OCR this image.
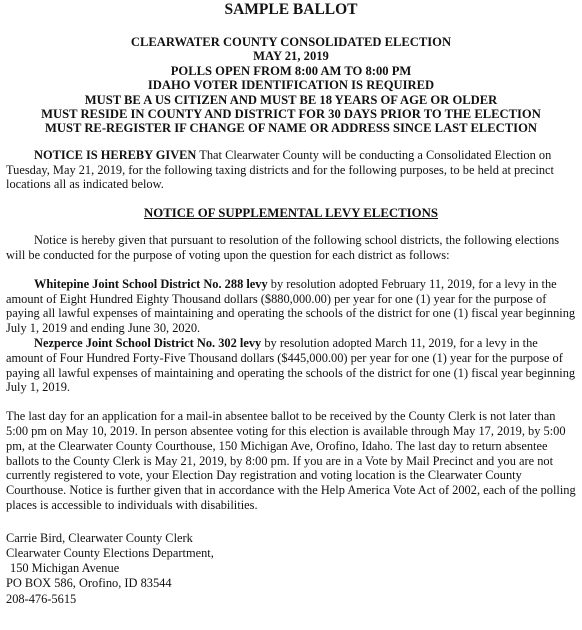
SAMPLE BALLOT
CLEARWATER COUNTY CONSOLIDATED ELECTION
MAY 21, 2019
POLLS OPEN FROM 8:00 AM TO 8:00 PM
IDAHO VOTER IDENTIFICATION IS REQUIRED
MUST BE A US CITIZEN AND MUST BE 18 YEARS OF AGE OR OLDER
MUST RESIDE IN COUNTY AND DISTRICT FOR 30 DAYS PRIOR TO THE ELECTION
MUST RE-REGISTER IF CHANGE OF NAME OR ADDRESS SINCE LAST ELECTION

NOTICE IS HEREBY GIVEN That Clearwater County will be conducting a Consolidated Election on Tuesday, May 21, 2019, for the following taxing districts and for the following purposes, to be held at precinct locations all as indicated below.

NOTICE OF SUPPLEMENTAL LEVY ELECTIONS

Notice is hereby given that pursuant to resolution of the following school districts, the following elections will be conducted for the purpose of voting upon the question for each district as follows:

Whitepine Joint School District No. 288 levy by resolution adopted February 11, 2019, for a levy in the amount of Eight Hundred Eighty Thousand dollars ($880,000.00) per year for one (1) year for the purpose of paying all lawful expenses of maintaining and operating the schools of the district for one (1) fiscal year beginning July 1, 2019 and ending June 30, 2020.

Nezperce Joint School District No. 302 levy by resolution adopted March 11, 2019, for a levy in the amount of Four Hundred Forty-Five Thousand dollars ($445,000.00) per year for one (1) year for the purpose of paying all lawful expenses of maintaining and operating the schools of the district for one (1) fiscal year beginning July 1, 2019.

The last day for an application for a mail-in absentee ballot to be received by the County Clerk is not later than 5:00 pm on May 10, 2019. In person absentee voting for this election is available through May 17, 2019, by 5:00 pm, at the Clearwater County Courthouse, 150 Michigan Ave, Orofino, Idaho. The last day to return absentee ballots to the County Clerk is May 21, 2019, by 8:00 pm. If you are in a Vote by Mail Precinct and you are not currently registered to vote, your Election Day registration and voting location is the Clearwater County Courthouse. Notice is further given that in accordance with the Help America Vote Act of 2002, each of the polling places is accessible to individuals with disabilities.

Carrie Bird, Clearwater County Clerk
Clearwater County Elections Department,
150 Michigan Avenue
PO BOX 586, Orofino, ID 83544
208-476-5615
